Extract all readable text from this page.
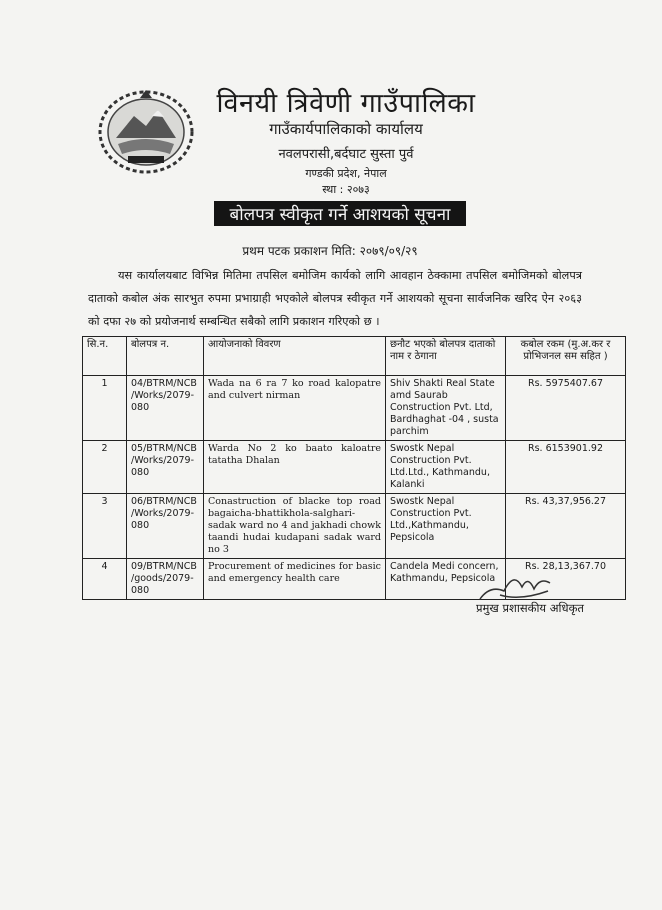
विनयी त्रिवेणी गाउँपालिका
गाउँकार्यपालिकाको कार्यालय
नवलपरासी,बर्दघाट सुस्ता पुर्व
गण्डकी प्रदेश, नेपाल
स्था : २०७३
बोलपत्र स्वीकृत गर्ने आशयको सूचना
प्रथम पटक प्रकाशन मिति: २०७९/०९/२९
यस कार्यालयबाट विभिन्न मितिमा तपसिल बमोजिम कार्यको लागि आवहान ठेक्कामा तपसिल बमोजिमको बोलपत्र दाताको कबोल अंक सारभुत रुपमा प्रभाग्राही भएकोले बोलपत्र स्वीकृत गर्ने आशयको सूचना सार्वजनिक खरिद ऐन २०६३ को दफा २७ को प्रयोजनार्थ सम्बन्धित सबैको लागि प्रकाशन गरिएको छ ।
सि.न.	बोलपत्र न.	आयोजनाको विवरण	छनौट भएको बोलपत्र दाताको नाम र ठेगाना	कबोल रकम (मु.अ.कर र प्रोभिजनल सम सहित )
1	04/BTRM/NCB/Works/2079-080	Wada na 6 ra 7 ko road kalopatre and culvert nirman	Shiv Shakti Real State amd Saurab Construction Pvt. Ltd, Bardhaghat -04 , susta parchim	Rs. 5975407.67
2	05/BTRM/NCB/Works/2079-080	Warda No 2 ko baato kaloatre tatatha Dhalan	Swostk Nepal Construction Pvt. Ltd.Ltd., Kathmandu, Kalanki	Rs. 6153901.92
3	06/BTRM/NCB/Works/2079-080	Conastruction of blacke top road bagaicha-bhattikhola-salghari-sadak ward no 4 and jakhadi chowk taandi hudai kudapani sadak ward no 3	Swostk Nepal Construction Pvt. Ltd.,Kathmandu, Pepsicola	Rs. 43,37,956.27
4	09/BTRM/NCB/goods/2079-080	Procurement of medicines for basic and emergency health care	Candela Medi concern, Kathmandu, Pepsicola	Rs. 28,13,367.70
प्रमुख प्रशासकीय अधिकृत
